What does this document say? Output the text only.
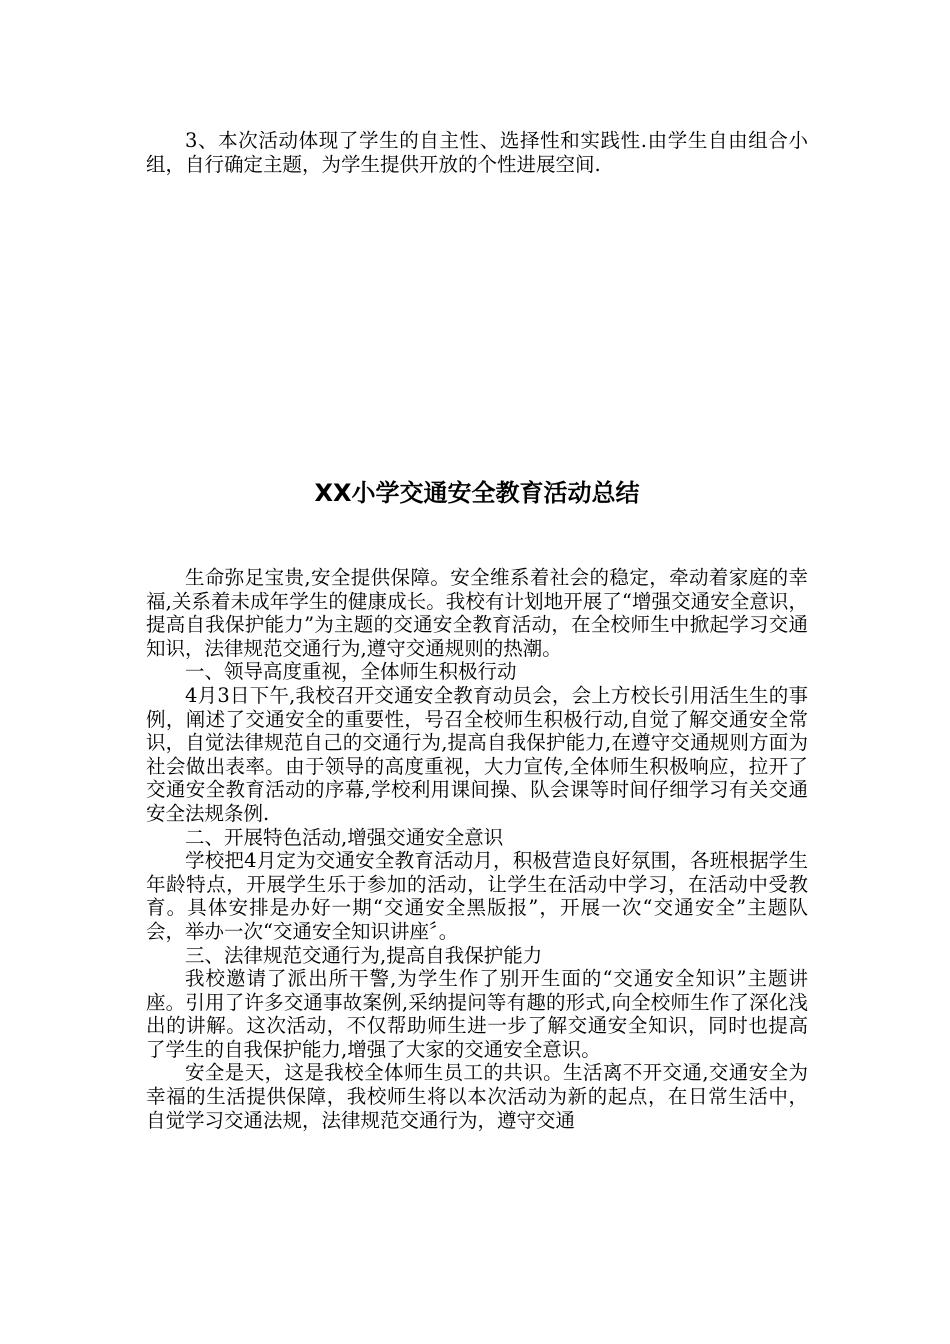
3、本次活动体现了学生的自主性、选择性和实践性.由学生自由组合小组，自行确定主题，为学生提供开放的个性进展空间.

XX小学交通安全教育活动总结

生命弥足宝贵,安全提供保障。安全维系着社会的稳定，牵动着家庭的幸福,关系着未成年学生的健康成长。我校有计划地开展了“增强交通安全意识，提高自我保护能力”为主题的交通安全教育活动，在全校师生中掀起学习交通知识，法律规范交通行为,遵守交通规则的热潮。

一、领导高度重视，全体师生积极行动

4月3日下午,我校召开交通安全教育动员会，会上方校长引用活生生的事例，阐述了交通安全的重要性，号召全校师生积极行动,自觉了解交通安全常识，自觉法律规范自己的交通行为,提高自我保护能力,在遵守交通规则方面为社会做出表率。由于领导的高度重视，大力宣传,全体师生积极响应，拉开了交通安全教育活动的序幕,学校利用课间操、队会课等时间仔细学习有关交通安全法规条例.

二、开展特色活动,增强交通安全意识

学校把4月定为交通安全教育活动月，积极营造良好氛围，各班根据学生年龄特点，开展学生乐于参加的活动，让学生在活动中学习，在活动中受教育。具体安排是办好一期“交通安全黑版报”，开展一次“交通安全”主题队会，举办一次“交通安全知识讲座〞。

三、法律规范交通行为,提高自我保护能力

我校邀请了派出所干警,为学生作了别开生面的“交通安全知识”主题讲座。引用了许多交通事故案例,采纳提问等有趣的形式,向全校师生作了深化浅出的讲解。这次活动，不仅帮助师生进一步了解交通安全知识，同时也提高了学生的自我保护能力,增强了大家的交通安全意识。

安全是天，这是我校全体师生员工的共识。生活离不开交通,交通安全为幸福的生活提供保障，我校师生将以本次活动为新的起点，在日常生活中，自觉学习交通法规，法律规范交通行为，遵守交通
